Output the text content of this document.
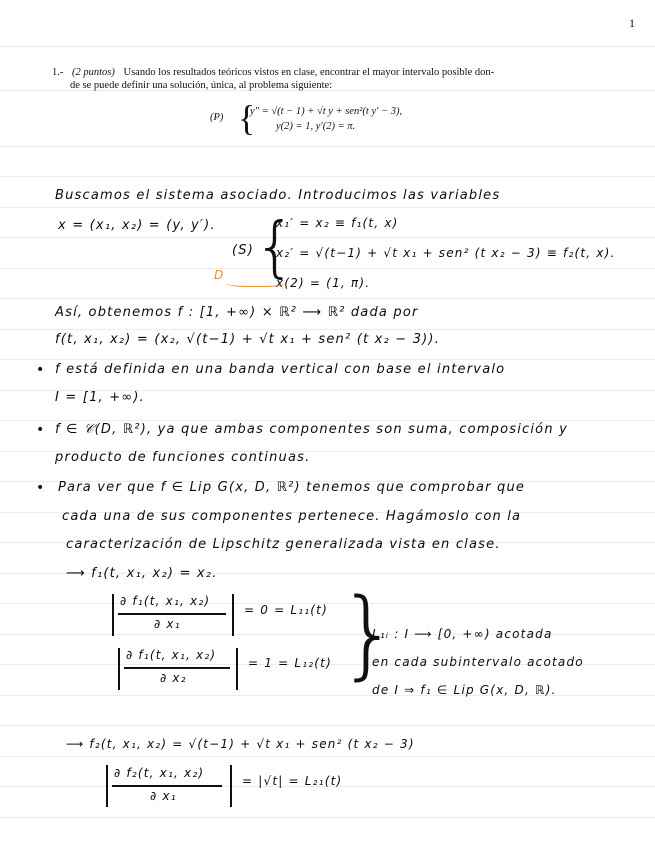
1
1.- (2 puntos) Usando los resultados teóricos vistos en clase, encontrar el mayor intervalo posible don-
de se puede definir una solución, única, al problema siguiente:
(P) {
y″ = √(t − 1) + √t y + sen²(t y′ − 3),
y(2) = 1, y′(2) = π.
Buscamos el sistema asociado. Introducimos las variables
x = (x₁, x₂) = (y, y′).
(S) {
x₁′ = x₂ ≡ f₁(t, x)
x₂′ = √(t−1) + √t x₁ + sen² (t x₂ − 3) ≡ f₂(t, x).
x(2) = (1, π).
D
Así, obtenemos f : [1, +∞) × ℝ² ⟶ ℝ² dada por
f(t, x₁, x₂) = (x₂, √(t−1) + √t x₁ + sen² (t x₂ − 3)).
• f está definida en una banda vertical con base el intervalo
I = [1, +∞).
• f ∈ 𝒞(D, ℝ²), ya que ambas componentes son suma, composición y
producto de funciones continuas.
• Para ver que f ∈ Lip G(x, D, ℝ²) tenemos que comprobar que
cada una de sus componentes pertenece. Hagámoslo con la
caracterización de Lipschitz generalizada vista en clase.
⟶ f₁(t, x₁, x₂) = x₂.
∂ f₁(t, x₁, x₂)
∂ x₁
= 0 = L₁₁(t)
∂ f₁(t, x₁, x₂)
∂ x₂
= 1 = L₁₂(t) }
L₁ᵢ : I ⟶ [0, +∞) acotada
en cada subintervalo acotado
de I ⇒ f₁ ∈ Lip G(x, D, ℝ).
⟶ f₂(t, x₁, x₂) = √(t−1) + √t x₁ + sen² (t x₂ − 3)
∂ f₂(t, x₁, x₂)
∂ x₁
= |√t| = L₂₁(t)
